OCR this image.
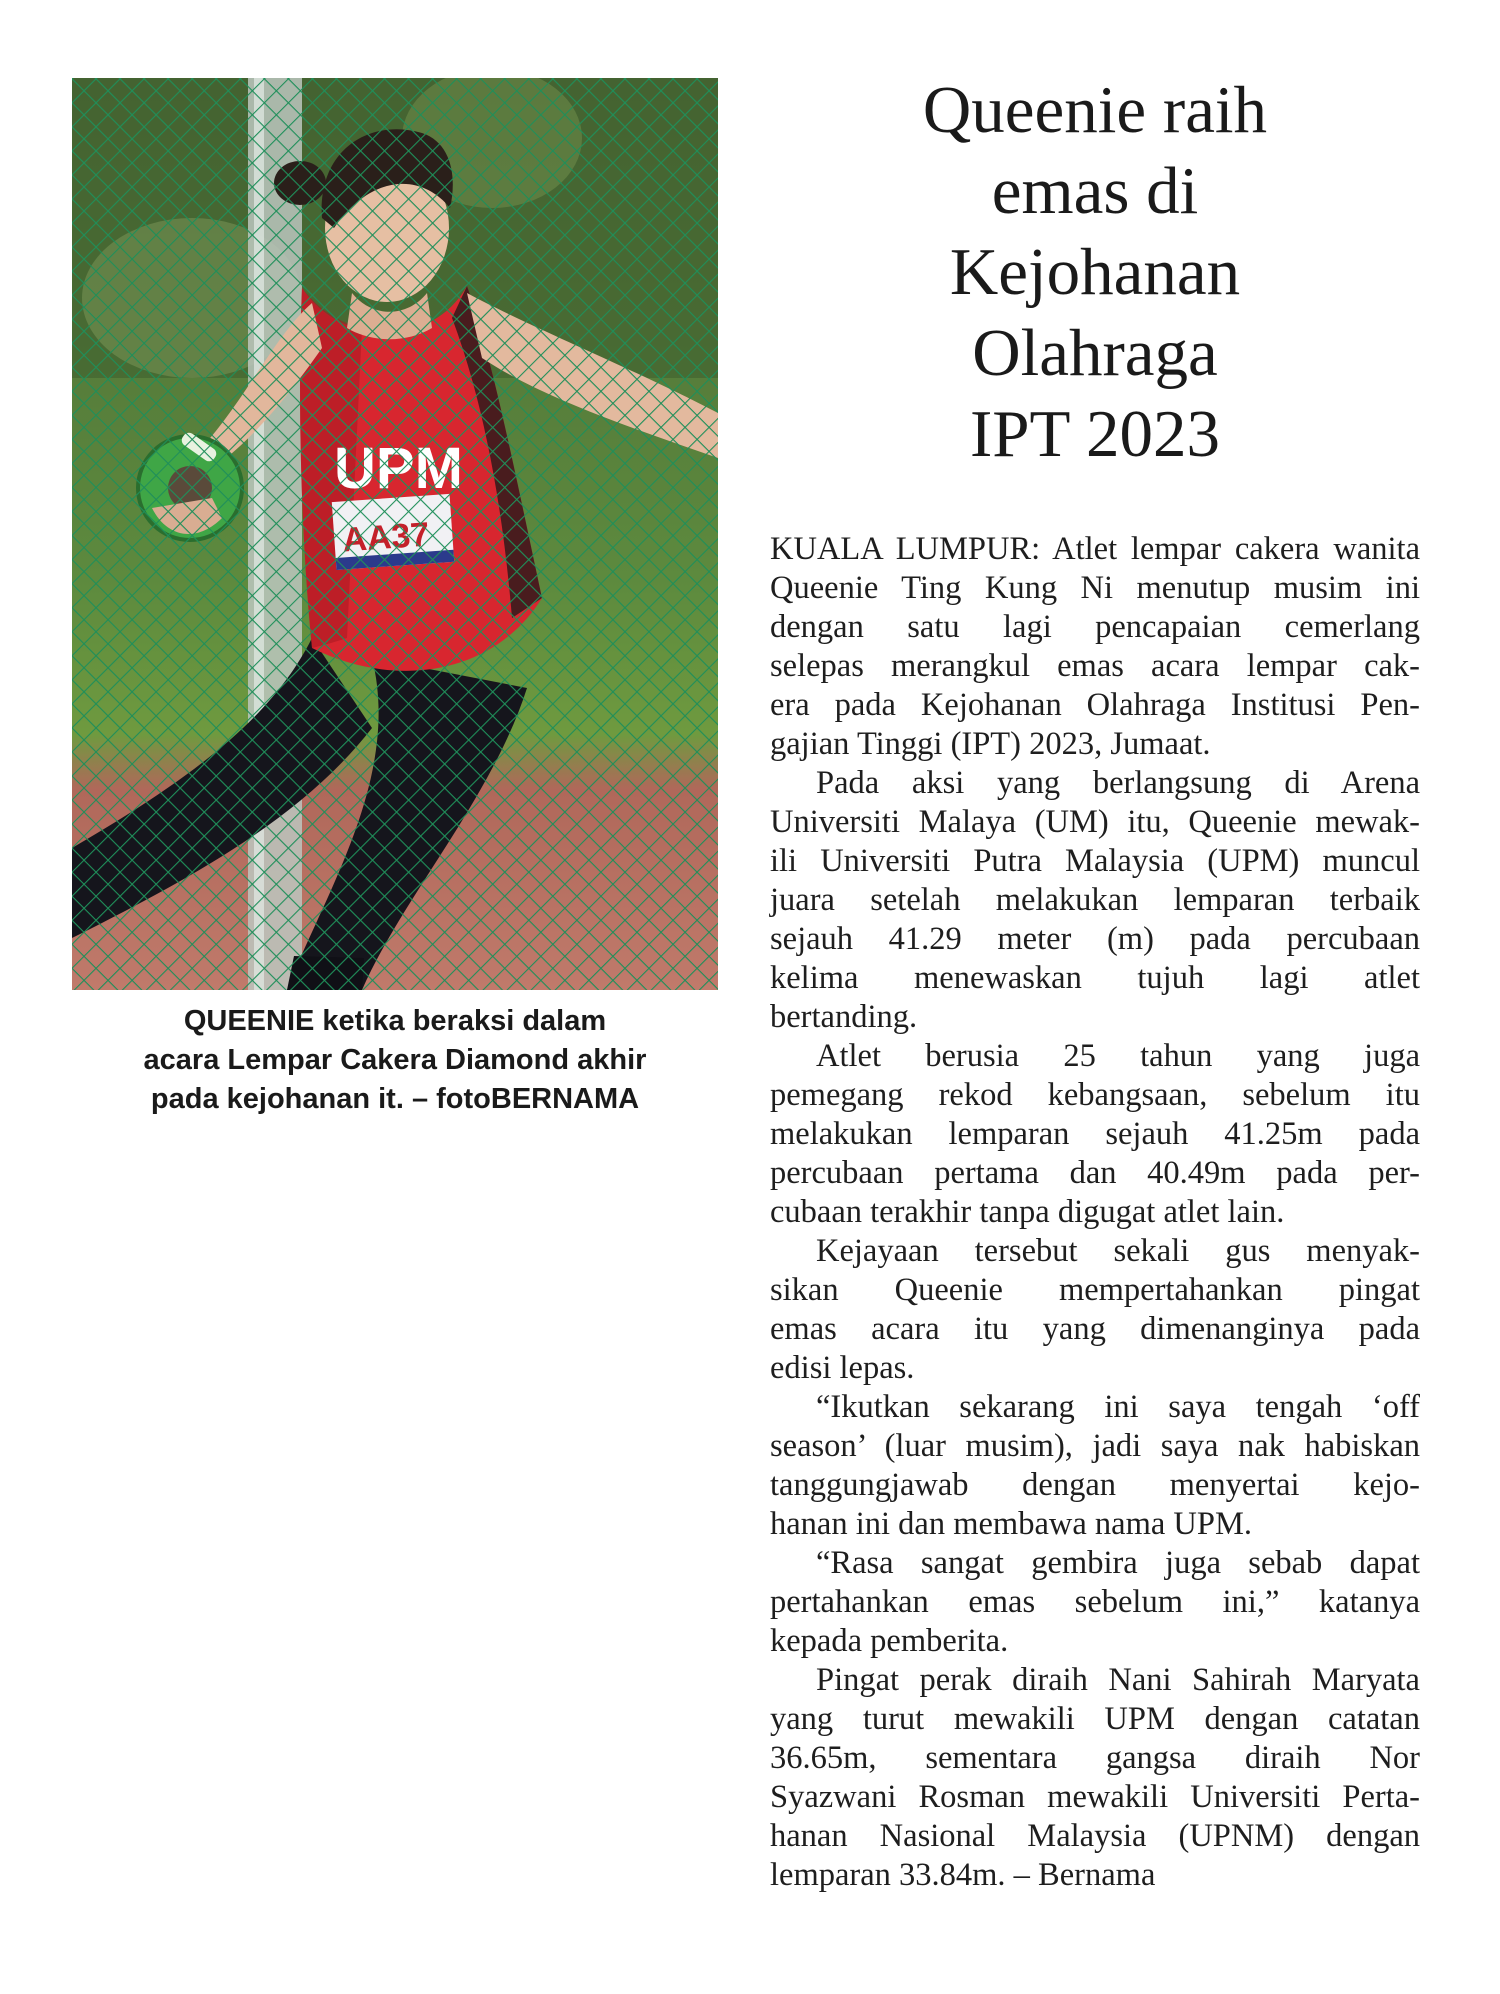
QUEENIE ketika beraksi dalam
acara Lempar Cakera Diamond akhir
pada kejohanan it. – fotoBERNAMA
Queenie raih
emas di
Kejohanan
Olahraga
IPT 2023

KUALA LUMPUR: Atlet lempar cakera wanita
Queenie Ting Kung Ni menutup musim ini
dengan satu lagi pencapaian cemerlang
selepas merangkul emas acara lempar cak-
era pada Kejohanan Olahraga Institusi Pen-
gajian Tinggi (IPT) 2023, Jumaat.

Pada aksi yang berlangsung di Arena
Universiti Malaya (UM) itu, Queenie mewak-
ili Universiti Putra Malaysia (UPM) muncul
juara setelah melakukan lemparan terbaik
sejauh 41.29 meter (m) pada percubaan
kelima menewaskan tujuh lagi atlet
bertanding.

Atlet berusia 25 tahun yang juga
pemegang rekod kebangsaan, sebelum itu
melakukan lemparan sejauh 41.25m pada
percubaan pertama dan 40.49m pada per-
cubaan terakhir tanpa digugat atlet lain.

Kejayaan tersebut sekali gus menyak-
sikan Queenie mempertahankan pingat
emas acara itu yang dimenanginya pada
edisi lepas.

“Ikutkan sekarang ini saya tengah ‘off
season’ (luar musim), jadi saya nak habiskan
tanggungjawab dengan menyertai kejo-
hanan ini dan membawa nama UPM.

“Rasa sangat gembira juga sebab dapat
pertahankan emas sebelum ini,” katanya
kepada pemberita.

Pingat perak diraih Nani Sahirah Maryata
yang turut mewakili UPM dengan catatan
36.65m, sementara gangsa diraih Nor
Syazwani Rosman mewakili Universiti Perta-
hanan Nasional Malaysia (UPNM) dengan
lemparan 33.84m. – Bernama
